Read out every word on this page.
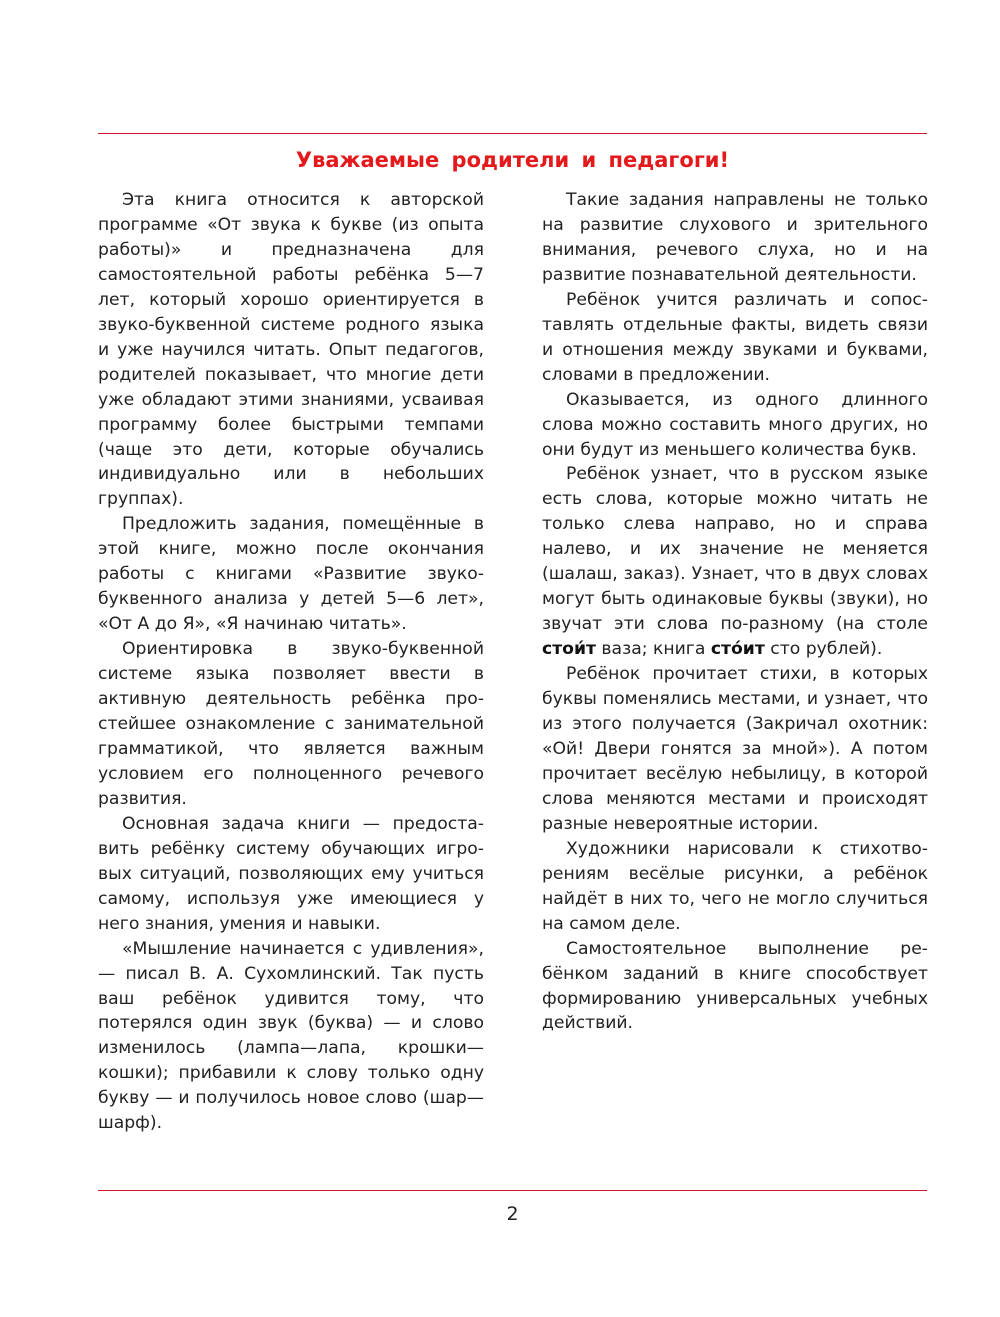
Уважаемые родители и педагоги!

Эта книга относится к авторской программе «От звука к букве (из опыта работы)» и предназначена для самостоятельной работы ребёнка 5—7 лет, который хорошо ориентируется в звуко-буквенной системе родного языка и уже научился читать. Опыт педагогов, родителей показывает, что многие дети уже обладают этими знаниями, усваивая программу более быстрыми темпами (чаще это дети, которые обучались индивидуально или в небольших группах).

Предложить задания, помещённые в этой книге, можно после окончания работы с книгами «Развитие звуко-буквенного анализа у детей 5—6 лет», «От А до Я», «Я начинаю читать».

Ориентировка в звуко-буквенной системе языка позволяет ввести в активную деятельность ребёнка простейшее ознакомление с занимательной грамматикой, что является важным условием его полноценного речевого развития.

Основная задача книги — предоставить ребёнку систему обучающих игровых ситуаций, позволяющих ему учиться самому, используя уже имеющиеся у него знания, умения и навыки.

«Мышление начинается с удивления», — писал В. А. Сухомлинский. Так пусть ваш ребёнок удивится тому, что потерялся один звук (буква) — и слово изменилось (лампа—лапа, крошки—кошки); прибавили к слову только одну букву — и получилось новое слово (шар—шарф).

Такие задания направлены не только на развитие слухового и зрительного внимания, речевого слуха, но и на развитие познавательной деятельности.

Ребёнок учится различать и сопоставлять отдельные факты, видеть связи и отношения между звуками и буквами, словами в предложении.

Оказывается, из одного длинного слова можно составить много других, но они будут из меньшего количества букв.

Ребёнок узнает, что в русском языке есть слова, которые можно читать не только слева направо, но и справа налево, и их значение не меняется (шалаш, заказ). Узнает, что в двух словах могут быть одинаковые буквы (звуки), но звучат эти слова по-разному (на столе стои́т ваза; книга сто́ит сто рублей).

Ребёнок прочитает стихи, в которых буквы поменялись местами, и узнает, что из этого получается (Закричал охотник: «Ой! Двери гонятся за мной»). А потом прочитает весёлую небылицу, в которой слова меняются местами и происходят разные невероятные истории.

Художники нарисовали к стихотворениям весёлые рисунки, а ребёнок найдёт в них то, чего не могло случиться на самом деле.

Самостоятельное выполнение ребёнком заданий в книге способствует формированию универсальных учебных действий.

2
